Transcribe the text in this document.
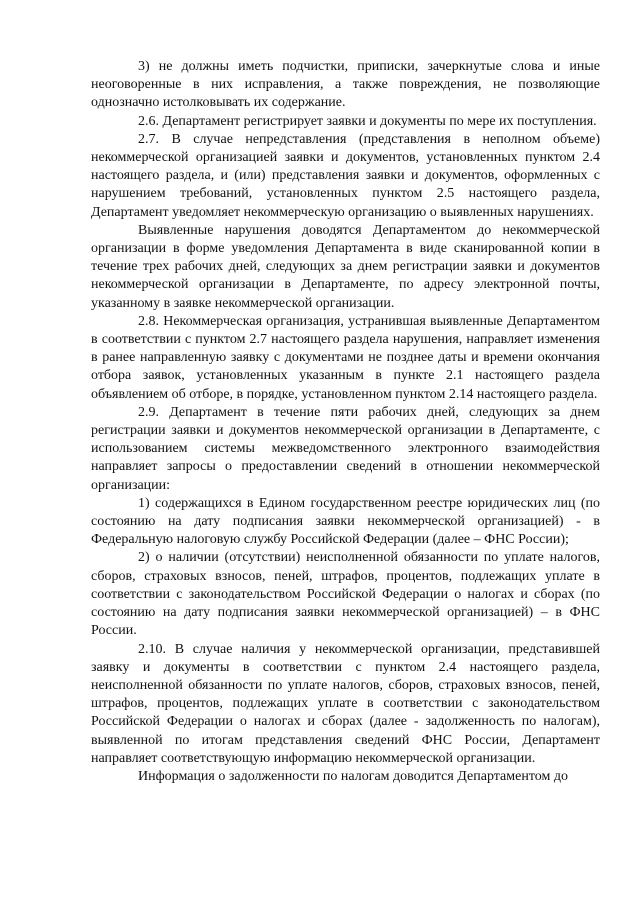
3) не должны иметь подчистки, приписки, зачеркнутые слова и иные неоговоренные в них исправления, а также повреждения, не позволяющие однозначно истолковывать их содержание.

2.6. Департамент регистрирует заявки и документы по мере их поступления.

2.7. В случае непредставления (представления в неполном объеме) некоммерческой организацией заявки и документов, установленных пунктом 2.4 настоящего раздела, и (или) представления заявки и документов, оформленных с нарушением требований, установленных пунктом 2.5 настоящего раздела, Департамент уведомляет некоммерческую организацию о выявленных нарушениях.

Выявленные нарушения доводятся Департаментом до некоммерческой организации в форме уведомления Департамента в виде сканированной копии в течение трех рабочих дней, следующих за днем регистрации заявки и документов некоммерческой организации в Департаменте, по адресу электронной почты, указанному в заявке некоммерческой организации.

2.8. Некоммерческая организация, устранившая выявленные Департаментом в соответствии с пунктом 2.7 настоящего раздела нарушения, направляет изменения в ранее направленную заявку с документами не позднее даты и времени окончания отбора заявок, установленных указанным в пункте 2.1 настоящего раздела объявлением об отборе, в порядке, установленном пунктом 2.14 настоящего раздела.

2.9. Департамент в течение пяти рабочих дней, следующих за днем регистрации заявки и документов некоммерческой организации в Департаменте, с использованием системы межведомственного электронного взаимодействия направляет запросы о предоставлении сведений в отношении некоммерческой организации:

1) содержащихся в Едином государственном реестре юридических лиц (по состоянию на дату подписания заявки некоммерческой организацией) - в Федеральную налоговую службу Российской Федерации (далее – ФНС России);

2) о наличии (отсутствии) неисполненной обязанности по уплате налогов, сборов, страховых взносов, пеней, штрафов, процентов, подлежащих уплате в соответствии с законодательством Российской Федерации о налогах и сборах (по состоянию на дату подписания заявки некоммерческой организацией) – в ФНС России.

2.10. В случае наличия у некоммерческой организации, представившей заявку и документы в соответствии с пунктом 2.4 настоящего раздела, неисполненной обязанности по уплате налогов, сборов, страховых взносов, пеней, штрафов, процентов, подлежащих уплате в соответствии с законодательством Российской Федерации о налогах и сборах (далее - задолженность по налогам), выявленной по итогам представления сведений ФНС России, Департамент направляет соответствующую информацию некоммерческой организации.

Информация о задолженности по налогам доводится Департаментом до
